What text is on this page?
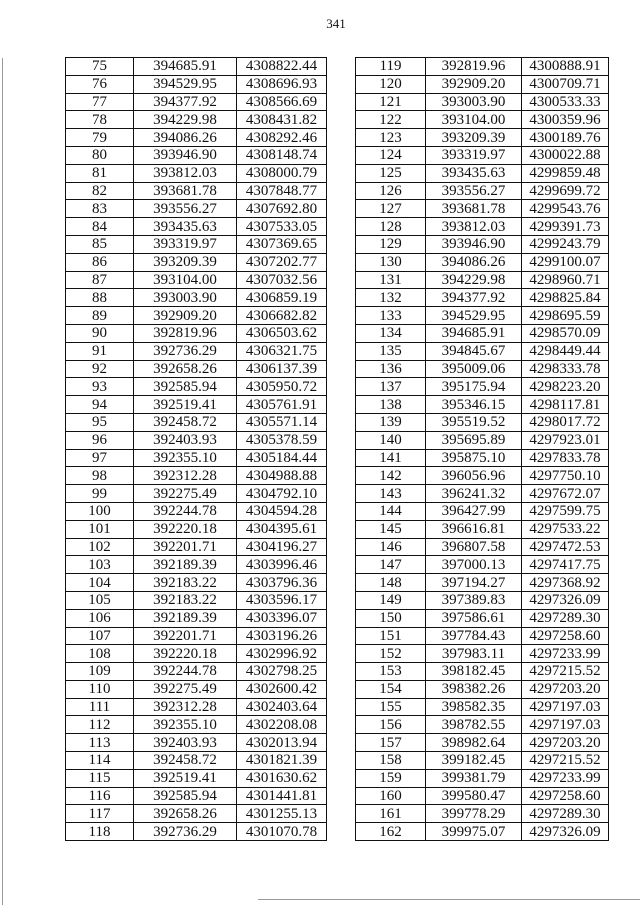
341
75	394685.91	4308822.44
76	394529.95	4308696.93
77	394377.92	4308566.69
78	394229.98	4308431.82
79	394086.26	4308292.46
80	393946.90	4308148.74
81	393812.03	4308000.79
82	393681.78	4307848.77
83	393556.27	4307692.80
84	393435.63	4307533.05
85	393319.97	4307369.65
86	393209.39	4307202.77
87	393104.00	4307032.56
88	393003.90	4306859.19
89	392909.20	4306682.82
90	392819.96	4306503.62
91	392736.29	4306321.75
92	392658.26	4306137.39
93	392585.94	4305950.72
94	392519.41	4305761.91
95	392458.72	4305571.14
96	392403.93	4305378.59
97	392355.10	4305184.44
98	392312.28	4304988.88
99	392275.49	4304792.10
100	392244.78	4304594.28
101	392220.18	4304395.61
102	392201.71	4304196.27
103	392189.39	4303996.46
104	392183.22	4303796.36
105	392183.22	4303596.17
106	392189.39	4303396.07
107	392201.71	4303196.26
108	392220.18	4302996.92
109	392244.78	4302798.25
110	392275.49	4302600.42
111	392312.28	4302403.64
112	392355.10	4302208.08
113	392403.93	4302013.94
114	392458.72	4301821.39
115	392519.41	4301630.62
116	392585.94	4301441.81
117	392658.26	4301255.13
118	392736.29	4301070.78
119	392819.96	4300888.91
120	392909.20	4300709.71
121	393003.90	4300533.33
122	393104.00	4300359.96
123	393209.39	4300189.76
124	393319.97	4300022.88
125	393435.63	4299859.48
126	393556.27	4299699.72
127	393681.78	4299543.76
128	393812.03	4299391.73
129	393946.90	4299243.79
130	394086.26	4299100.07
131	394229.98	4298960.71
132	394377.92	4298825.84
133	394529.95	4298695.59
134	394685.91	4298570.09
135	394845.67	4298449.44
136	395009.06	4298333.78
137	395175.94	4298223.20
138	395346.15	4298117.81
139	395519.52	4298017.72
140	395695.89	4297923.01
141	395875.10	4297833.78
142	396056.96	4297750.10
143	396241.32	4297672.07
144	396427.99	4297599.75
145	396616.81	4297533.22
146	396807.58	4297472.53
147	397000.13	4297417.75
148	397194.27	4297368.92
149	397389.83	4297326.09
150	397586.61	4297289.30
151	397784.43	4297258.60
152	397983.11	4297233.99
153	398182.45	4297215.52
154	398382.26	4297203.20
155	398582.35	4297197.03
156	398782.55	4297197.03
157	398982.64	4297203.20
158	399182.45	4297215.52
159	399381.79	4297233.99
160	399580.47	4297258.60
161	399778.29	4297289.30
162	399975.07	4297326.09
